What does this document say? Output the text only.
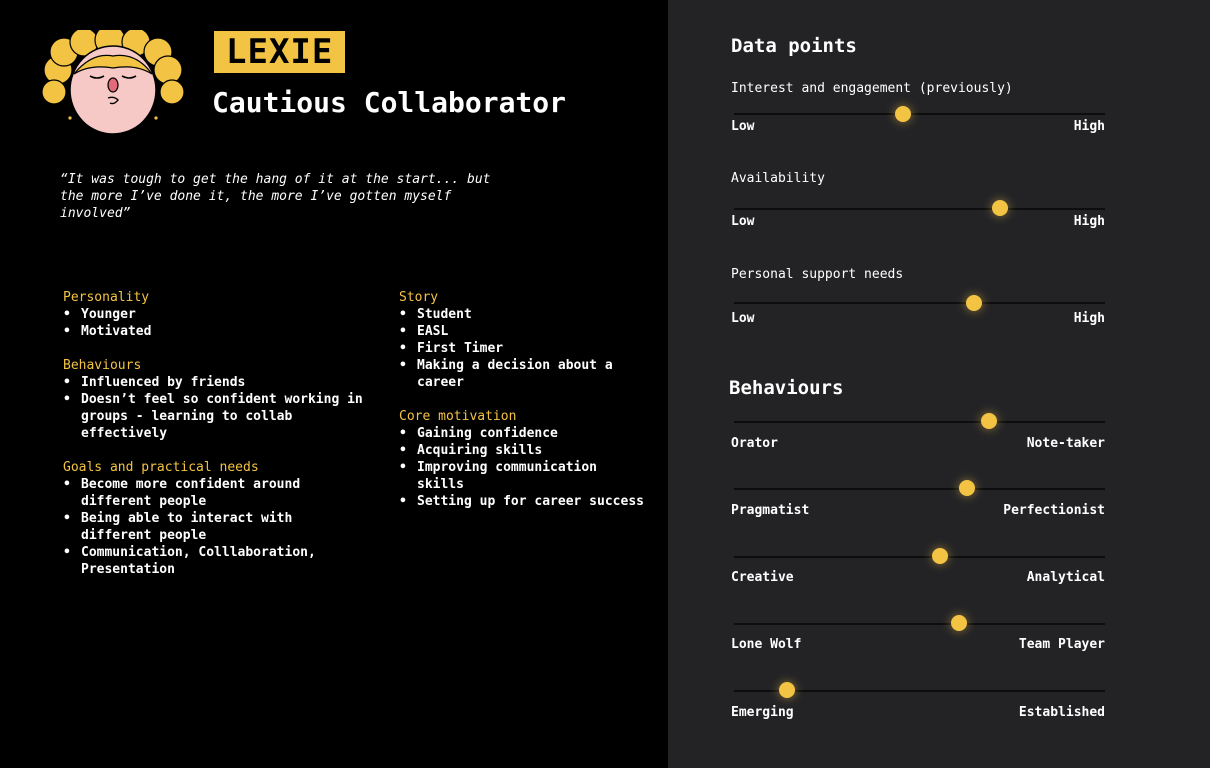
LEXIE
Cautious Collaborator

“It was tough to get the hang of it at the start... but the more I’ve done it, the more I’ve gotten myself involved”

Personality

• Younger
• Motivated

Behaviours

• Influenced by friends
• Doesn’t feel so confident working in groups - learning to collab effectively

Goals and practical needs

• Become more confident around different people
• Being able to interact with different people
• Communication, Colllaboration, Presentation

Story

• Student
• EASL
• First Timer
• Making a decision about a career

Core motivation

• Gaining confidence
• Acquiring skills
• Improving communication skills
• Setting up for career success
Data points
Interest and engagement (previously)
Low	High
Availability
Low	High
Personal support needs
Low	High
Behaviours
Orator	Note-taker
Pragmatist	Perfectionist
Creative	Analytical
Lone Wolf	Team Player
Emerging	Established
